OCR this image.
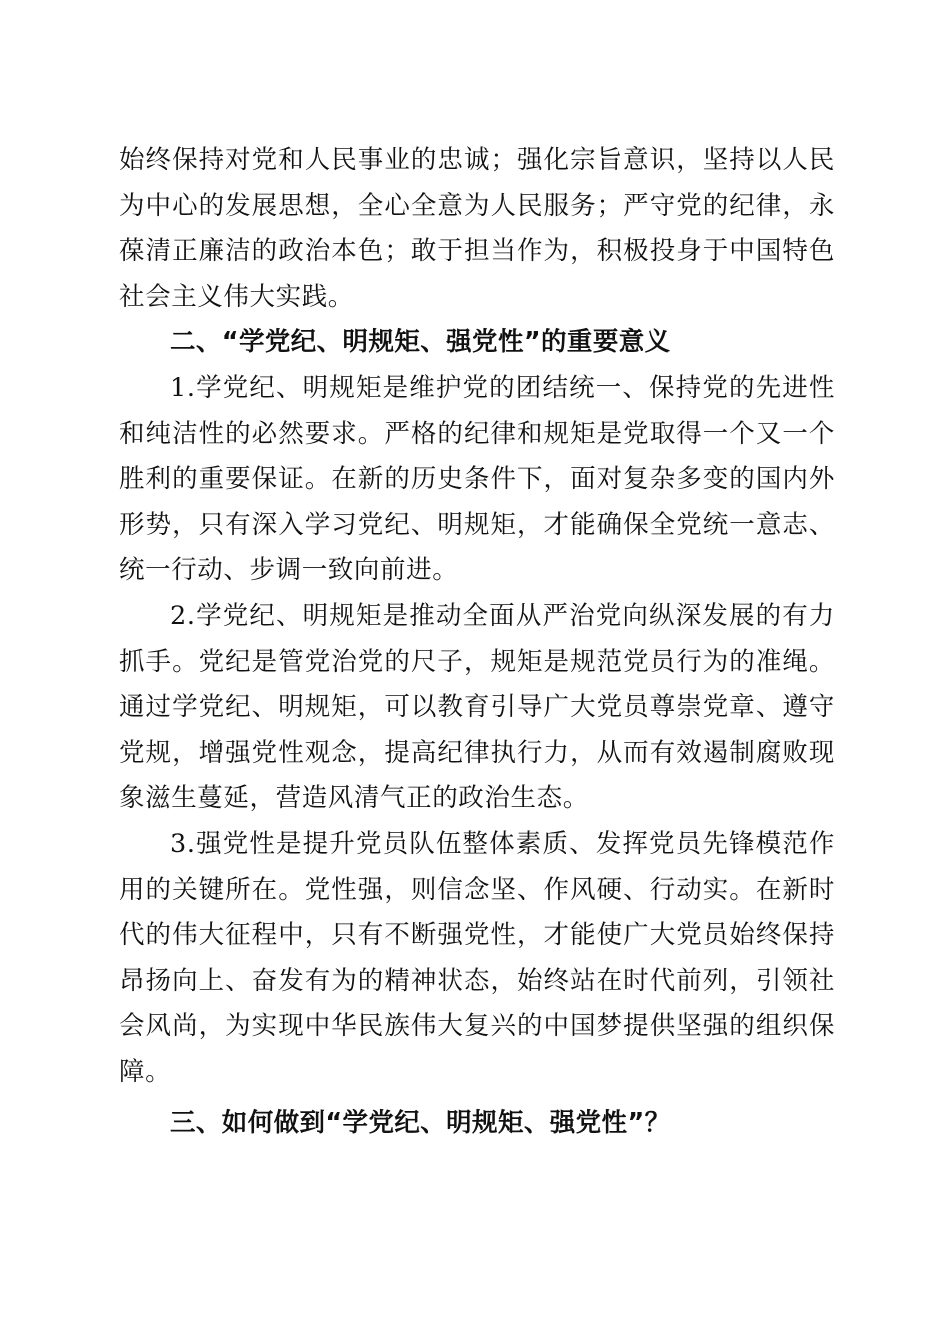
始终保持对党和人民事业的忠诚；强化宗旨意识，坚持以人民为中心的发展思想，全心全意为人民服务；严守党的纪律，永葆清正廉洁的政治本色；敢于担当作为，积极投身于中国特色社会主义伟大实践。

二、“学党纪、明规矩、强党性”的重要意义

1.学党纪、明规矩是维护党的团结统一、保持党的先进性和纯洁性的必然要求。严格的纪律和规矩是党取得一个又一个胜利的重要保证。在新的历史条件下，面对复杂多变的国内外形势，只有深入学习党纪、明规矩，才能确保全党统一意志、统一行动、步调一致向前进。

2.学党纪、明规矩是推动全面从严治党向纵深发展的有力抓手。党纪是管党治党的尺子，规矩是规范党员行为的准绳。通过学党纪、明规矩，可以教育引导广大党员尊崇党章、遵守党规，增强党性观念，提高纪律执行力，从而有效遏制腐败现象滋生蔓延，营造风清气正的政治生态。

3.强党性是提升党员队伍整体素质、发挥党员先锋模范作用的关键所在。党性强，则信念坚、作风硬、行动实。在新时代的伟大征程中，只有不断强党性，才能使广大党员始终保持昂扬向上、奋发有为的精神状态，始终站在时代前列，引领社会风尚，为实现中华民族伟大复兴的中国梦提供坚强的组织保障。

三、如何做到“学党纪、明规矩、强党性”？
